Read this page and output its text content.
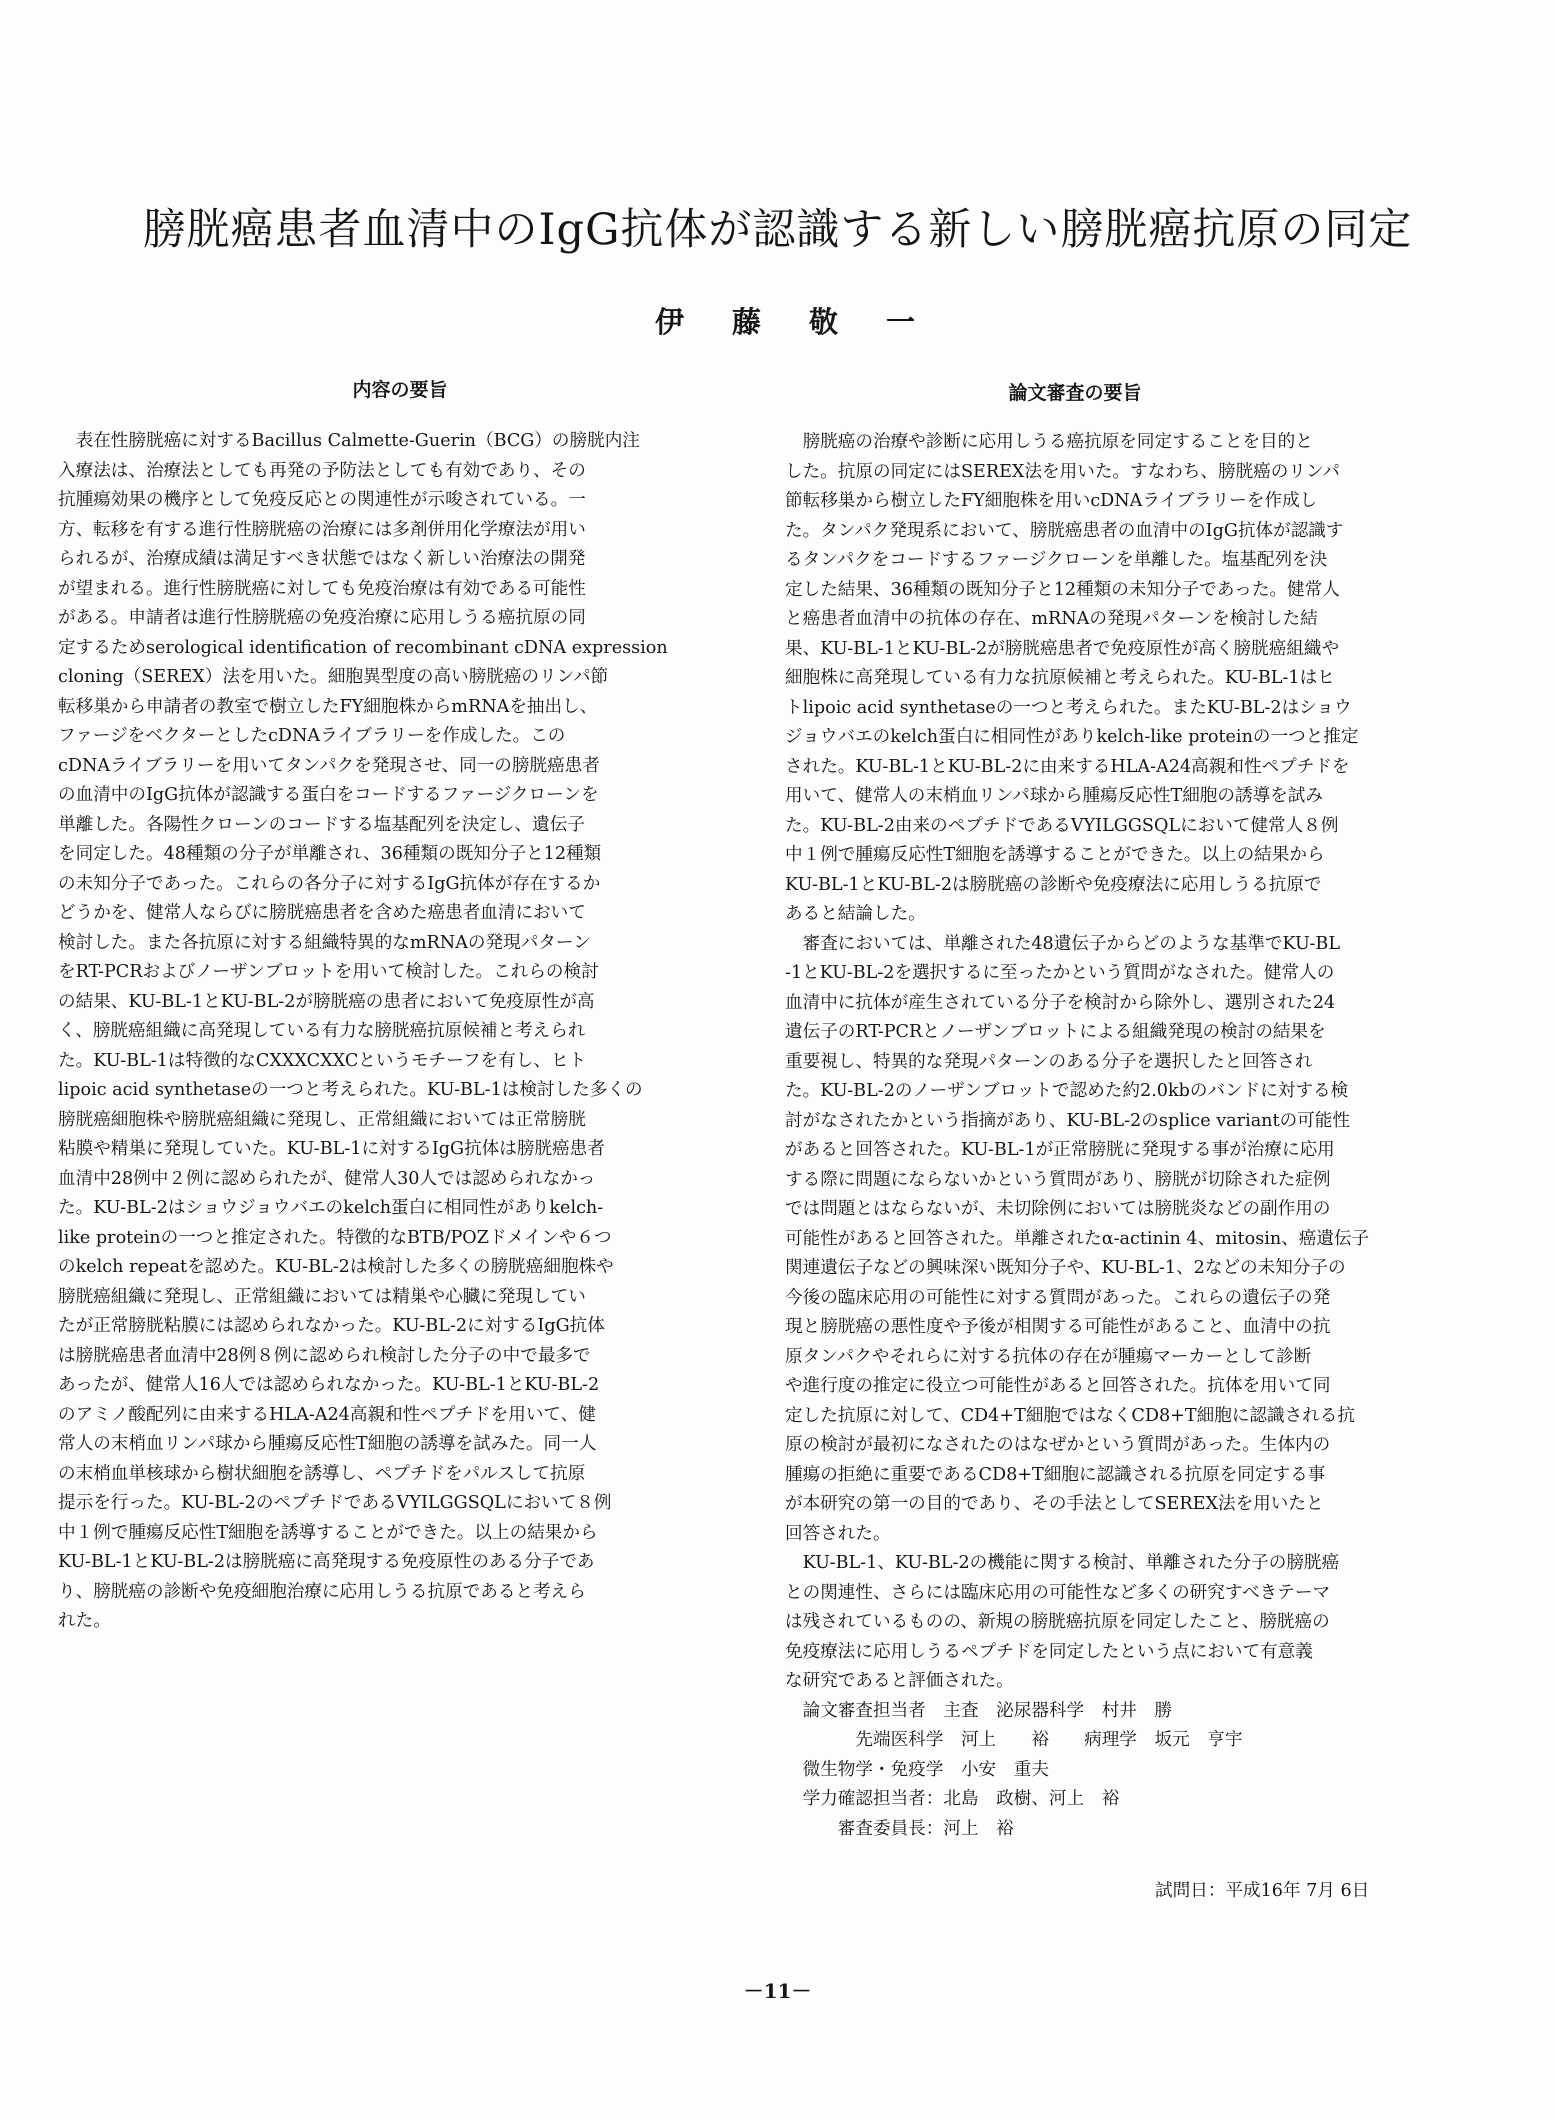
膀胱癌患者血清中のIgG抗体が認識する新しい膀胱癌抗原の同定
伊 藤 敬 一
内容の要旨	論文審査の要旨
　表在性膀胱癌に対するBacillus Calmette-Guerin（BCG）の膀胱内注
入療法は、治療法としても再発の予防法としても有効であり、その
抗腫瘍効果の機序として免疫反応との関連性が示唆されている。一
方、転移を有する進行性膀胱癌の治療には多剤併用化学療法が用い
られるが、治療成績は満足すべき状態ではなく新しい治療法の開発
が望まれる。進行性膀胱癌に対しても免疫治療は有効である可能性
がある。申請者は進行性膀胱癌の免疫治療に応用しうる癌抗原の同
定するためserological identification of recombinant cDNA expression
cloning（SEREX）法を用いた。細胞異型度の高い膀胱癌のリンパ節
転移巣から申請者の教室で樹立したFY細胞株からmRNAを抽出し、
ファージをベクターとしたcDNAライブラリーを作成した。この
cDNAライブラリーを用いてタンパクを発現させ、同一の膀胱癌患者
の血清中のIgG抗体が認識する蛋白をコードするファージクローンを
単離した。各陽性クローンのコードする塩基配列を決定し、遺伝子
を同定した。48種類の分子が単離され、36種類の既知分子と12種類
の未知分子であった。これらの各分子に対するIgG抗体が存在するか
どうかを、健常人ならびに膀胱癌患者を含めた癌患者血清において
検討した。また各抗原に対する組織特異的なmRNAの発現パターン
をRT-PCRおよびノーザンブロットを用いて検討した。これらの検討
の結果、KU-BL-1とKU-BL-2が膀胱癌の患者において免疫原性が高
く、膀胱癌組織に高発現している有力な膀胱癌抗原候補と考えられ
た。KU-BL-1は特徴的なCXXXCXXCというモチーフを有し、ヒト
lipoic acid synthetaseの一つと考えられた。KU-BL-1は検討した多くの
膀胱癌細胞株や膀胱癌組織に発現し、正常組織においては正常膀胱
粘膜や精巣に発現していた。KU-BL-1に対するIgG抗体は膀胱癌患者
血清中28例中２例に認められたが、健常人30人では認められなかっ
た。KU-BL-2はショウジョウバエのkelch蛋白に相同性がありkelch-
like proteinの一つと推定された。特徴的なBTB/POZドメインや６つ
のkelch repeatを認めた。KU-BL-2は検討した多くの膀胱癌細胞株や
膀胱癌組織に発現し、正常組織においては精巣や心臓に発現してい
たが正常膀胱粘膜には認められなかった。KU-BL-2に対するIgG抗体
は膀胱癌患者血清中28例８例に認められ検討した分子の中で最多で
あったが、健常人16人では認められなかった。KU-BL-1とKU-BL-2
のアミノ酸配列に由来するHLA-A24高親和性ペプチドを用いて、健
常人の末梢血リンパ球から腫瘍反応性T細胞の誘導を試みた。同一人
の末梢血単核球から樹状細胞を誘導し、ペプチドをパルスして抗原
提示を行った。KU-BL-2のペプチドであるVYILGGSQLにおいて８例
中１例で腫瘍反応性T細胞を誘導することができた。以上の結果から
KU-BL-1とKU-BL-2は膀胱癌に高発現する免疫原性のある分子であ
り、膀胱癌の診断や免疫細胞治療に応用しうる抗原であると考えら
れた。
　膀胱癌の治療や診断に応用しうる癌抗原を同定することを目的と
した。抗原の同定にはSEREX法を用いた。すなわち、膀胱癌のリンパ
節転移巣から樹立したFY細胞株を用いcDNAライブラリーを作成し
た。タンパク発現系において、膀胱癌患者の血清中のIgG抗体が認識す
るタンパクをコードするファージクローンを単離した。塩基配列を決
定した結果、36種類の既知分子と12種類の未知分子であった。健常人
と癌患者血清中の抗体の存在、mRNAの発現パターンを検討した結
果、KU-BL-1とKU-BL-2が膀胱癌患者で免疫原性が高く膀胱癌組織や
細胞株に高発現している有力な抗原候補と考えられた。KU-BL-1はヒ
トlipoic acid synthetaseの一つと考えられた。またKU-BL-2はショウ
ジョウバエのkelch蛋白に相同性がありkelch-like proteinの一つと推定
された。KU-BL-1とKU-BL-2に由来するHLA-A24高親和性ペプチドを
用いて、健常人の末梢血リンパ球から腫瘍反応性T細胞の誘導を試み
た。KU-BL-2由来のペプチドであるVYILGGSQLにおいて健常人８例
中１例で腫瘍反応性T細胞を誘導することができた。以上の結果から
KU-BL-1とKU-BL-2は膀胱癌の診断や免疫療法に応用しうる抗原で
あると結論した。
　審査においては、単離された48遺伝子からどのような基準でKU-BL
-1とKU-BL-2を選択するに至ったかという質問がなされた。健常人の
血清中に抗体が産生されている分子を検討から除外し、選別された24
遺伝子のRT-PCRとノーザンブロットによる組織発現の検討の結果を
重要視し、特異的な発現パターンのある分子を選択したと回答され
た。KU-BL-2のノーザンブロットで認めた約2.0kbのバンドに対する検
討がなされたかという指摘があり、KU-BL-2のsplice variantの可能性
があると回答された。KU-BL-1が正常膀胱に発現する事が治療に応用
する際に問題にならないかという質問があり、膀胱が切除された症例
では問題とはならないが、未切除例においては膀胱炎などの副作用の
可能性があると回答された。単離されたα-actinin 4、mitosin、癌遺伝子
関連遺伝子などの興味深い既知分子や、KU-BL-1、2などの未知分子の
今後の臨床応用の可能性に対する質問があった。これらの遺伝子の発
現と膀胱癌の悪性度や予後が相関する可能性があること、血清中の抗
原タンパクやそれらに対する抗体の存在が腫瘍マーカーとして診断
や進行度の推定に役立つ可能性があると回答された。抗体を用いて同
定した抗原に対して、CD4+T細胞ではなくCD8+T細胞に認識される抗
原の検討が最初になされたのはなぜかという質問があった。生体内の
腫瘍の拒絶に重要であるCD8+T細胞に認識される抗原を同定する事
が本研究の第一の目的であり、その手法としてSEREX法を用いたと
回答された。
　KU-BL-1、KU-BL-2の機能に関する検討、単離された分子の膀胱癌
との関連性、さらには臨床応用の可能性など多くの研究すべきテーマ
は残されているものの、新規の膀胱癌抗原を同定したこと、膀胱癌の
免疫療法に応用しうるペプチドを同定したという点において有意義
な研究であると評価された。
　論文審査担当者　主査　泌尿器科学　村井　勝
　　　　先端医科学　河上　　裕　　病理学　坂元　亨宇
　微生物学・免疫学　小安　重夫
　学力確認担当者：北島　政樹、河上　裕
　　　審査委員長：河上　裕
試問日：平成16年 7月 6日
－11－
